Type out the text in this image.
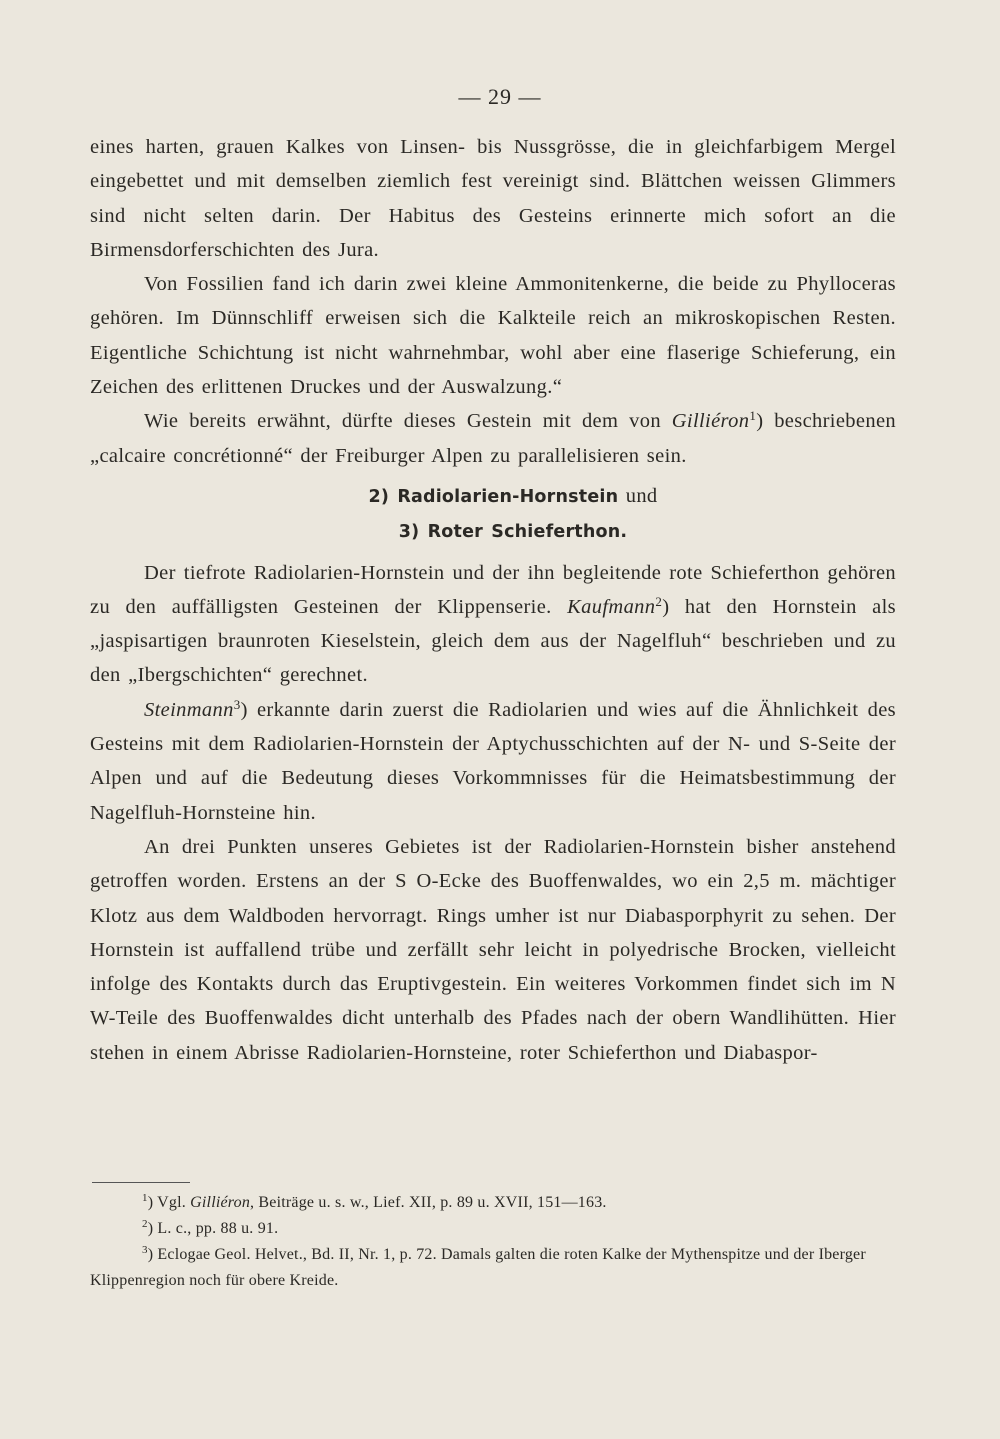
— 29 —

eines harten, grauen Kalkes von Linsen- bis Nussgrösse, die in gleichfarbigem Mergel eingebettet und mit demselben ziemlich fest vereinigt sind. Blättchen weissen Glimmers sind nicht selten darin. Der Habitus des Gesteins erinnerte mich sofort an die Birmensdorferschichten des Jura.

Von Fossilien fand ich darin zwei kleine Ammonitenkerne, die beide zu Phylloceras gehören. Im Dünnschliff erweisen sich die Kalkteile reich an mikroskopischen Resten. Eigentliche Schichtung ist nicht wahrnehmbar, wohl aber eine flaserige Schieferung, ein Zeichen des erlittenen Druckes und der Auswalzung.“

Wie bereits erwähnt, dürfte dieses Gestein mit dem von Gilliéron$^1$) beschriebenen „calcaire concrétionné“ der Freiburger Alpen zu parallelisieren sein.

2) Radiolarien-Hornstein und
3) Roter Schieferthon.

Der tiefrote Radiolarien-Hornstein und der ihn begleitende rote Schieferthon gehören zu den auffälligsten Gesteinen der Klippenserie. Kaufmann$^2$) hat den Hornstein als „jaspisartigen braunroten Kieselstein, gleich dem aus der Nagelfluh“ beschrieben und zu den „Ibergschichten“ gerechnet.

Steinmann$^3$) erkannte darin zuerst die Radiolarien und wies auf die Ähnlichkeit des Gesteins mit dem Radiolarien-Hornstein der Aptychusschichten auf der N- und S-Seite der Alpen und auf die Bedeutung dieses Vorkommnisses für die Heimatsbestimmung der Nagelfluh-Hornsteine hin.

An drei Punkten unseres Gebietes ist der Radiolarien-Hornstein bisher anstehend getroffen worden. Erstens an der S O-Ecke des Buoffenwaldes, wo ein 2,5 m. mächtiger Klotz aus dem Waldboden hervorragt. Rings umher ist nur Diabasporphyrit zu sehen. Der Hornstein ist auffallend trübe und zerfällt sehr leicht in polyedrische Brocken, vielleicht infolge des Kontakts durch das Eruptivgestein. Ein weiteres Vorkommen findet sich im N W-Teile des Buoffenwaldes dicht unterhalb des Pfades nach der obern Wandlihütten. Hier stehen in einem Abrisse Radiolarien-Hornsteine, roter Schieferthon und Diabaspor-

$^1$) Vgl. Gilliéron, Beiträge u. s. w., Lief. XII, p. 89 u. XVII, 151—163.

$^2$) L. c., pp. 88 u. 91.

$^3$) Eclogae Geol. Helvet., Bd. II, Nr. 1, p. 72. Damals galten die roten Kalke der Mythenspitze und der Iberger Klippenregion noch für obere Kreide.
